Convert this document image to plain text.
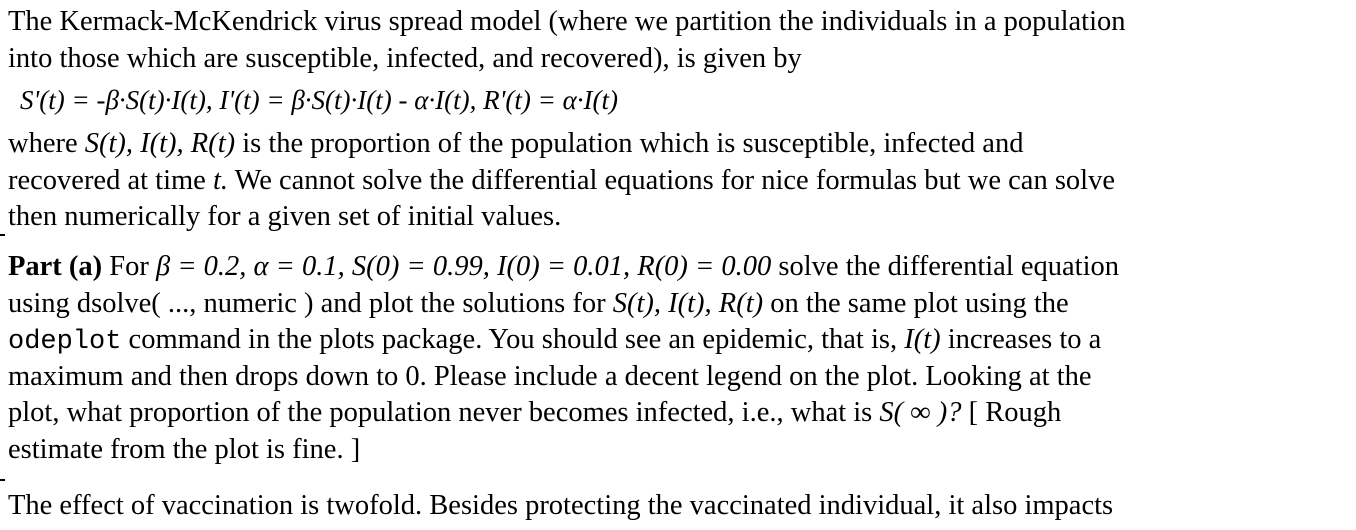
The Kermack-McKendrick virus spread model (where we partition the individuals in a population
into those which are susceptible, infected, and recovered), is given by
S'(t) = -β·S(t)·I(t), I'(t) = β·S(t)·I(t) - α·I(t), R'(t) = α·I(t)
where S(t), I(t), R(t) is the proportion of the population which is susceptible, infected and
recovered at time t. We cannot solve the differential equations for nice formulas but we can solve
then numerically for a given set of initial values.
Part (a) For β = 0.2, α = 0.1, S(0) = 0.99, I(0) = 0.01, R(0) = 0.00 solve the differential equation
using dsolve( ..., numeric ) and plot the solutions for S(t), I(t), R(t) on the same plot using the
odeplot command in the plots package. You should see an epidemic, that is, I(t) increases to a
maximum and then drops down to 0. Please include a decent legend on the plot. Looking at the
plot, what proportion of the population never becomes infected, i.e., what is S( ∞ )? [ Rough
estimate from the plot is fine. ]
The effect of vaccination is twofold. Besides protecting the vaccinated individual, it also impacts
